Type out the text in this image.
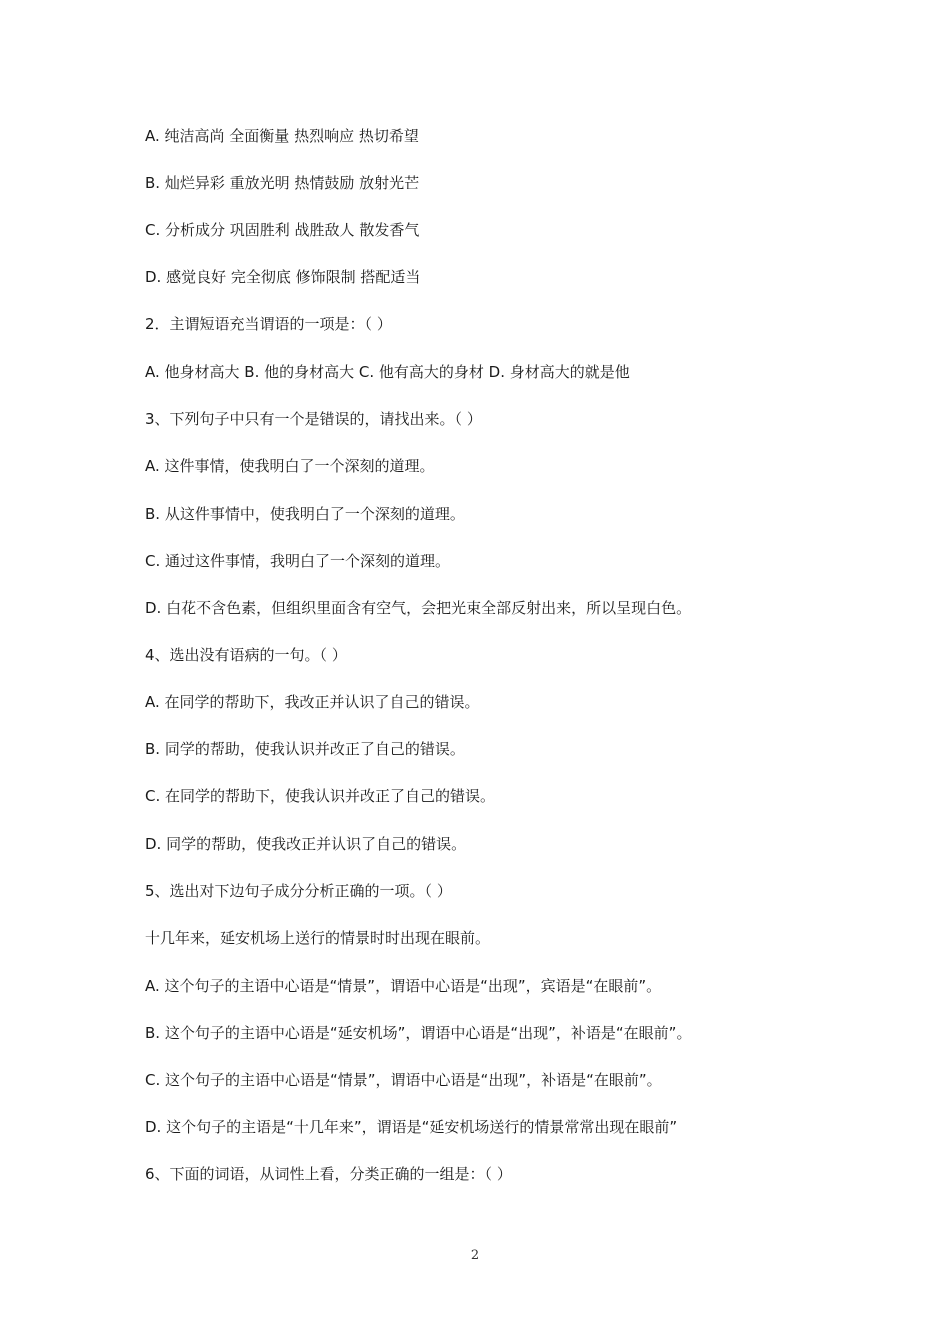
A. 纯洁高尚 全面衡量 热烈响应 热切希望
B. 灿烂异彩 重放光明 热情鼓励 放射光芒
C. 分析成分 巩固胜利 战胜敌人 散发香气
D. 感觉良好 完全彻底 修饰限制 搭配适当
2．主谓短语充当谓语的一项是：（ ）
A. 他身材高大 B. 他的身材高大 C. 他有高大的身材 D. 身材高大的就是他
3、下列句子中只有一个是错误的，请找出来。（ ）
A. 这件事情，使我明白了一个深刻的道理。
B. 从这件事情中，使我明白了一个深刻的道理。
C. 通过这件事情，我明白了一个深刻的道理。
D. 白花不含色素，但组织里面含有空气，会把光束全部反射出来，所以呈现白色。
4、选出没有语病的一句。（ ）
A. 在同学的帮助下，我改正并认识了自己的错误。
B. 同学的帮助，使我认识并改正了自己的错误。
C. 在同学的帮助下，使我认识并改正了自己的错误。
D. 同学的帮助，使我改正并认识了自己的错误。
5、选出对下边句子成分分析正确的一项。（ ）
十几年来，延安机场上送行的情景时时出现在眼前。
A. 这个句子的主语中心语是“情景”，谓语中心语是“出现”，宾语是“在眼前”。
B. 这个句子的主语中心语是“延安机场”，谓语中心语是“出现”，补语是“在眼前”。
C. 这个句子的主语中心语是“情景”，谓语中心语是“出现”，补语是“在眼前”。
D. 这个句子的主语是“十几年来”，谓语是“延安机场送行的情景常常出现在眼前”
6、下面的词语，从词性上看，分类正确的一组是：（ ）
2
